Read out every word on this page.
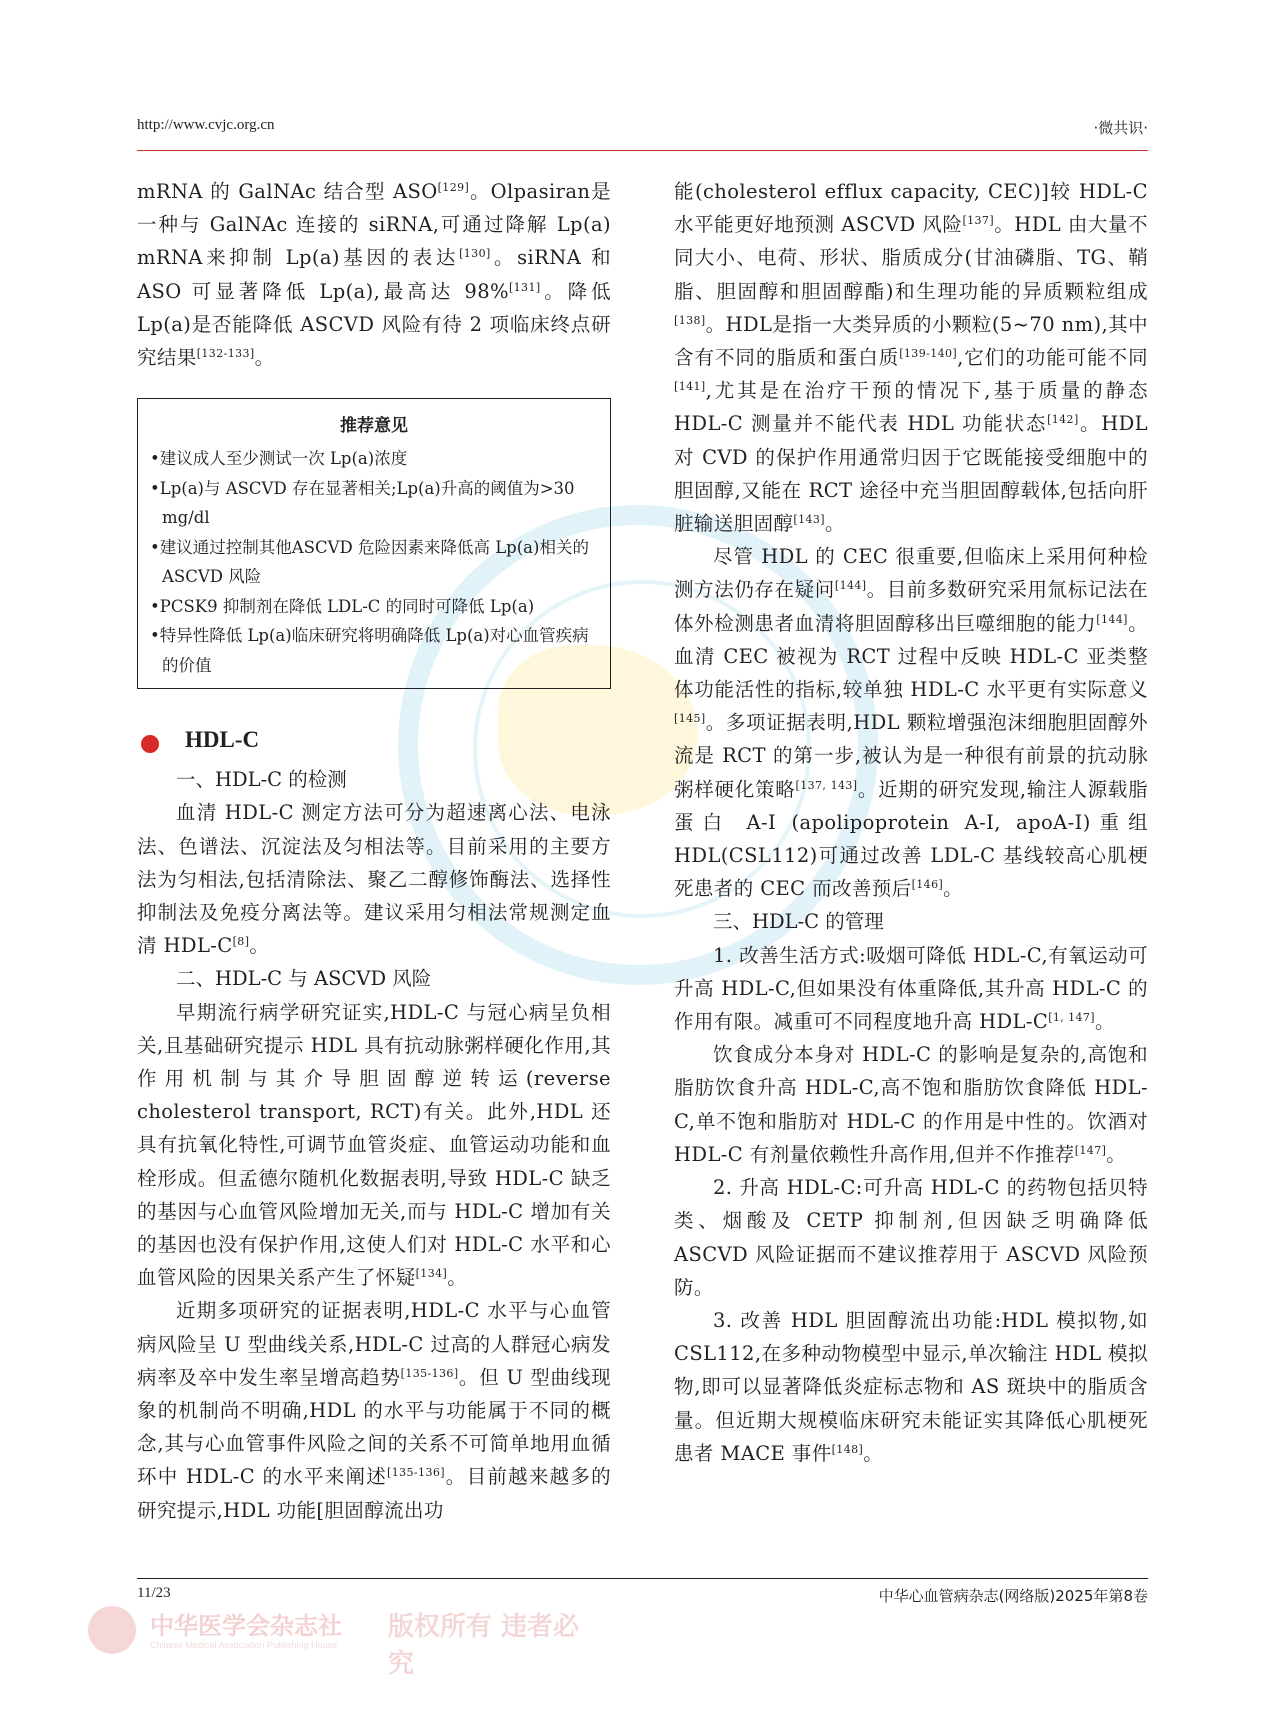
http://www.cvjc.org.cn	·微共识·

mRNA 的 GalNAc 结合型 ASO[129]。Olpasiran是一种与 GalNAc 连接的 siRNA,可通过降解 Lp(a) mRNA来抑制 Lp(a)基因的表达[130]。siRNA 和 ASO 可显著降低 Lp(a),最高达 98%[131]。降低 Lp(a)是否能降低 ASCVD 风险有待 2 项临床终点研究结果[132-133]。

推荐意见
•建议成人至少测试一次 Lp(a)浓度
•Lp(a)与 ASCVD 存在显著相关;Lp(a)升高的阈值为>30 mg/dl
•建议通过控制其他ASCVD 危险因素来降低高 Lp(a)相关的 ASCVD 风险
•PCSK9 抑制剂在降低 LDL-C 的同时可降低 Lp(a)
•特异性降低 Lp(a)临床研究将明确降低 Lp(a)对心血管疾病的价值
HDL-C

一、HDL-C 的检测

血清 HDL-C 测定方法可分为超速离心法、电泳法、色谱法、沉淀法及匀相法等。目前采用的主要方法为匀相法,包括清除法、聚乙二醇修饰酶法、选择性抑制法及免疫分离法等。建议采用匀相法常规测定血清 HDL-C[8]。

二、HDL-C 与 ASCVD 风险

早期流行病学研究证实,HDL-C 与冠心病呈负相关,且基础研究提示 HDL 具有抗动脉粥样硬化作用,其作用机制与其介导胆固醇逆转运(reverse cholesterol transport, RCT)有关。此外,HDL 还具有抗氧化特性,可调节血管炎症、血管运动功能和血栓形成。但孟德尔随机化数据表明,导致 HDL-C 缺乏的基因与心血管风险增加无关,而与 HDL-C 增加有关的基因也没有保护作用,这使人们对 HDL-C 水平和心血管风险的因果关系产生了怀疑[134]。

近期多项研究的证据表明,HDL-C 水平与心血管病风险呈 U 型曲线关系,HDL-C 过高的人群冠心病发病率及卒中发生率呈增高趋势[135-136]。但 U 型曲线现象的机制尚不明确,HDL 的水平与功能属于不同的概念,其与心血管事件风险之间的关系不可简单地用血循环中 HDL-C 的水平来阐述[135-136]。目前越来越多的研究提示,HDL 功能[胆固醇流出功

能(cholesterol efflux capacity, CEC)]较 HDL-C 水平能更好地预测 ASCVD 风险[137]。HDL 由大量不同大小、电荷、形状、脂质成分(甘油磷脂、TG、鞘脂、胆固醇和胆固醇酯)和生理功能的异质颗粒组成[138]。HDL是指一大类异质的小颗粒(5~70 nm),其中含有不同的脂质和蛋白质[139-140],它们的功能可能不同[141],尤其是在治疗干预的情况下,基于质量的静态 HDL-C 测量并不能代表 HDL 功能状态[142]。HDL 对 CVD 的保护作用通常归因于它既能接受细胞中的胆固醇,又能在 RCT 途径中充当胆固醇载体,包括向肝脏输送胆固醇[143]。

尽管 HDL 的 CEC 很重要,但临床上采用何种检测方法仍存在疑问[144]。目前多数研究采用氚标记法在体外检测患者血清将胆固醇移出巨噬细胞的能力[144]。血清 CEC 被视为 RCT 过程中反映 HDL-C 亚类整体功能活性的指标,较单独 HDL-C 水平更有实际意义[145]。多项证据表明,HDL 颗粒增强泡沫细胞胆固醇外流是 RCT 的第一步,被认为是一种很有前景的抗动脉粥样硬化策略[137, 143]。近期的研究发现,输注人源载脂蛋白 A-I (apolipoprotein A-I, apoA-I)重组 HDL(CSL112)可通过改善 LDL-C 基线较高心肌梗死患者的 CEC 而改善预后[146]。

三、HDL-C 的管理

1. 改善生活方式:吸烟可降低 HDL-C,有氧运动可升高 HDL-C,但如果没有体重降低,其升高 HDL-C 的作用有限。减重可不同程度地升高 HDL-C[1, 147]。

饮食成分本身对 HDL-C 的影响是复杂的,高饱和脂肪饮食升高 HDL-C,高不饱和脂肪饮食降低 HDL-C,单不饱和脂肪对 HDL-C 的作用是中性的。饮酒对 HDL-C 有剂量依赖性升高作用,但并不作推荐[147]。

2. 升高 HDL-C:可升高 HDL-C 的药物包括贝特类、烟酸及 CETP 抑制剂,但因缺乏明确降低 ASCVD 风险证据而不建议推荐用于 ASCVD 风险预防。

3. 改善 HDL 胆固醇流出功能:HDL 模拟物,如 CSL112,在多种动物模型中显示,单次输注 HDL 模拟物,即可以显著降低炎症标志物和 AS 斑块中的脂质含量。但近期大规模临床研究未能证实其降低心肌梗死患者 MACE 事件[148]。

11/23	中华心血管病杂志(网络版)2025年第8卷
中华医学会杂志社
Chinese Medical Association Publishing House
版权所有 违者必究
